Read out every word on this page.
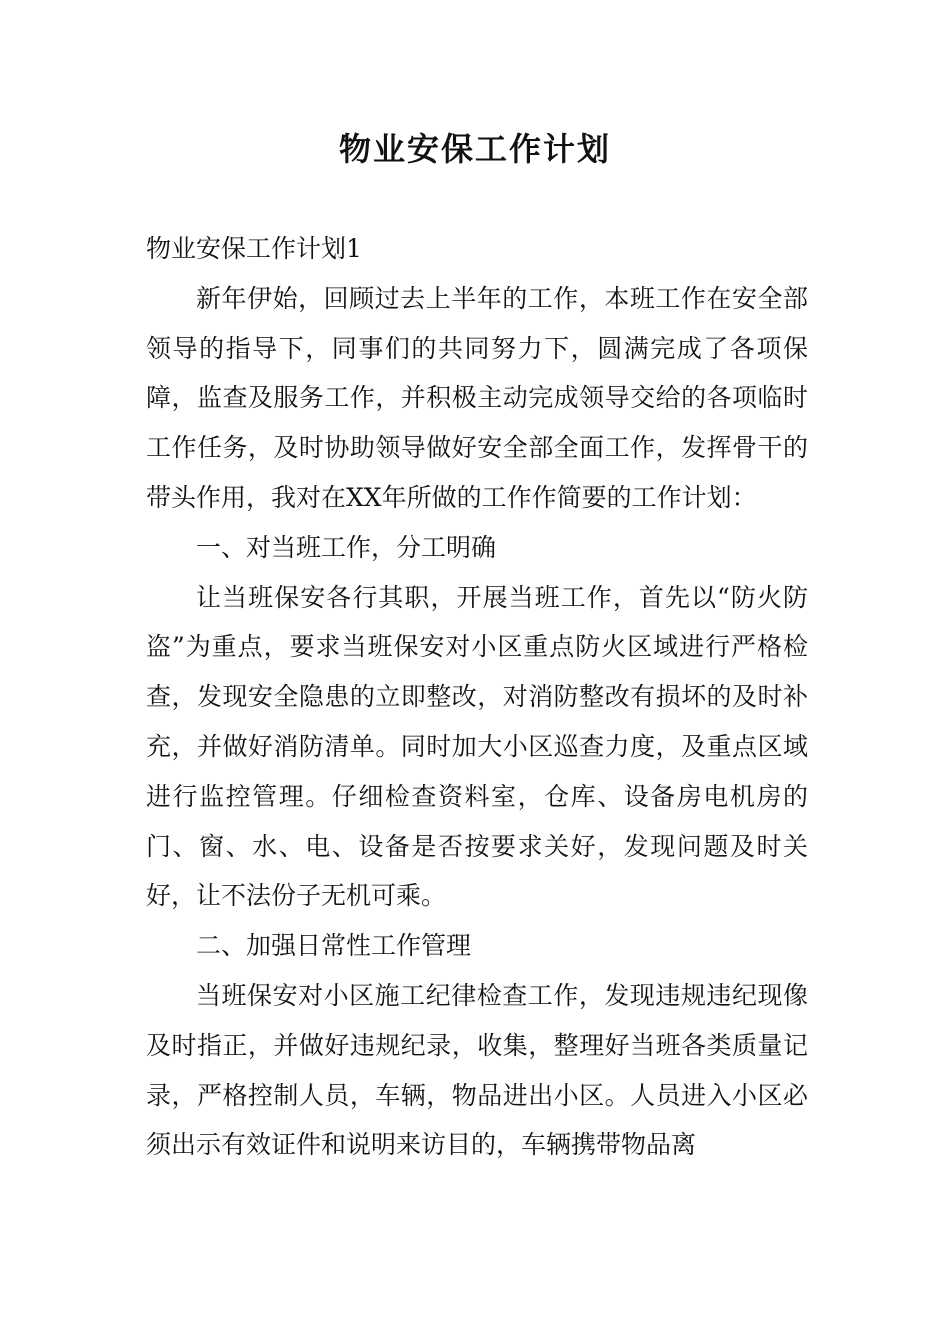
物业安保工作计划

物业安保工作计划1

新年伊始，回顾过去上半年的工作，本班工作在安全部领导的指导下，同事们的共同努力下，圆满完成了各项保障，监查及服务工作，并积极主动完成领导交给的各项临时工作任务，及时协助领导做好安全部全面工作，发挥骨干的带头作用，我对在XX年所做的工作作简要的工作计划：

一、对当班工作，分工明确

让当班保安各行其职，开展当班工作，首先以“防火防盗”为重点，要求当班保安对小区重点防火区域进行严格检查，发现安全隐患的立即整改，对消防整改有损坏的及时补充，并做好消防清单。同时加大小区巡查力度，及重点区域进行监控管理。仔细检查资料室，仓库、设备房电机房的门、窗、水、电、设备是否按要求关好，发现问题及时关好，让不法份子无机可乘。

二、加强日常性工作管理

当班保安对小区施工纪律检查工作，发现违规违纪现像及时指正，并做好违规纪录，收集，整理好当班各类质量记录，严格控制人员，车辆，物品进出小区。人员进入小区必须出示有效证件和说明来访目的，车辆携带物品离
